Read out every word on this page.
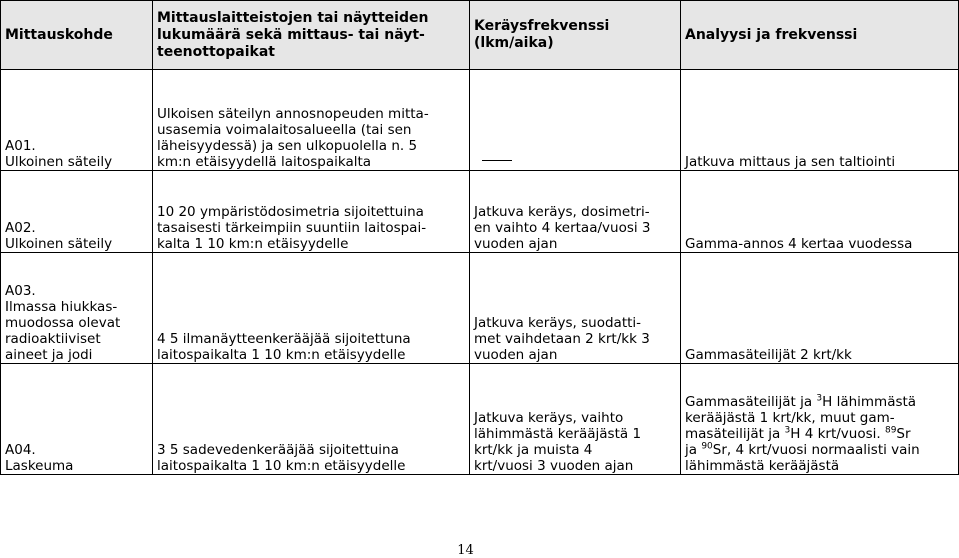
Mittauskohde	Mittauslaitteistojen tai näytteiden
lukumäärä sekä mittaus- tai näyt-
teenottopaikat	Keräysfrekvenssi
(lkm/aika)	Analyysi ja frekvenssi
A01.
Ulkoinen säteily	Ulkoisen säteilyn annosnopeuden mitta-
usasemia voimalaitosalueella (tai sen
läheisyydessä) ja sen ulkopuolella n. 5
km:n etäisyydellä laitospaikalta		Jatkuva mittaus ja sen taltiointi
A02.
Ulkoinen säteily	10 20 ympäristödosimetria sijoitettuina
tasaisesti tärkeimpiin suuntiin laitospai-
kalta 1 10 km:n etäisyydelle	Jatkuva keräys, dosimetri-
en vaihto 4 kertaa/vuosi 3
vuoden ajan	Gamma-annos 4 kertaa vuodessa
A03.
Ilmassa hiukkas-
muodossa olevat
radioaktiiviset
aineet ja jodi	4 5 ilmanäytteenkerääjää sijoitettuna
laitospaikalta 1 10 km:n etäisyydelle	Jatkuva keräys, suodatti-
met vaihdetaan 2 krt/kk 3
vuoden ajan	Gammasäteilijät 2 krt/kk
A04.
Laskeuma	3 5 sadevedenkerääjää sijoitettuina
laitospaikalta 1 10 km:n etäisyydelle	Jatkuva keräys, vaihto
lähimmästä kerääjästä 1
krt/kk ja muista 4
krt/vuosi 3 vuoden ajan	Gammasäteilijät ja $^3$H lähimmästä
kerääjästä 1 krt/kk, muut gam-
masäteilijät ja $^3$H 4 krt/vuosi. $^{89}$Sr
ja $^{90}$Sr, 4 krt/vuosi normaalisti vain
lähimmästä kerääjästä
14
